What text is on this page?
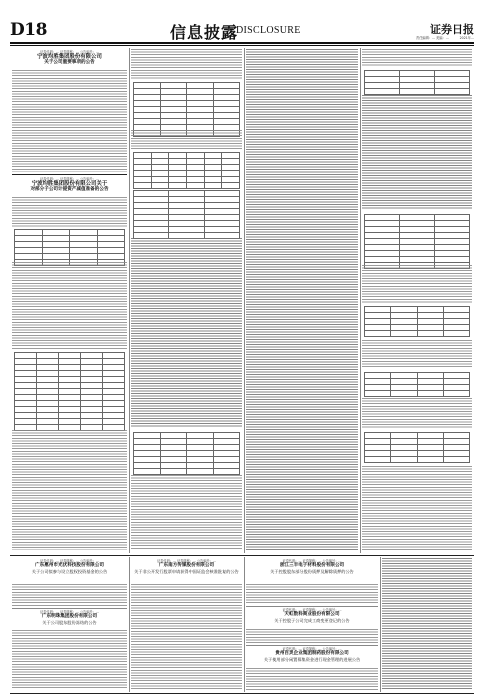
D18	信息披露
DISCLOSURE	证券日报
责任编辑：... 美编：...	2021年...
证券代码：... 证券简称：... 公告编号：...
宁波均胜集团股份有限公司
关于公司重要事项的公告
证券代码：... 证券简称：... 公告编号：...
宁波均胜集团股份有限公司关于
对部分子公司计提资产减值准备的公告

证券代码：... 证券简称：... 公告编号：...
广东惠州市光伏科技股份有限公司
关于公司拟参与设立股权投资基金的公告
证券代码：... 证券简称：... 公告编号：...
广东明珠集团股份有限公司
关于公司股东股份冻结的公告
证券代码：... 证券简称：... 公告编号：...
广东南方传媒股份有限公司
关于非公开发行股票申请获得中国证监会核准批复的公告
证券代码：... 证券简称：... 公告编号：...
浙江三丰电子材料股份有限公司
关于控股股东部分股份质押及解除质押的公告
证券代码：... 证券简称：... 公告编号：...
天虹数科商业股份有限公司
关于控股子公司完成工商变更登记的公告
证券代码：... 证券简称：... 公告编号：...
贵州百灵企业集团制药股份有限公司
关于使用部分闲置募集资金进行现金管理的进展公告
